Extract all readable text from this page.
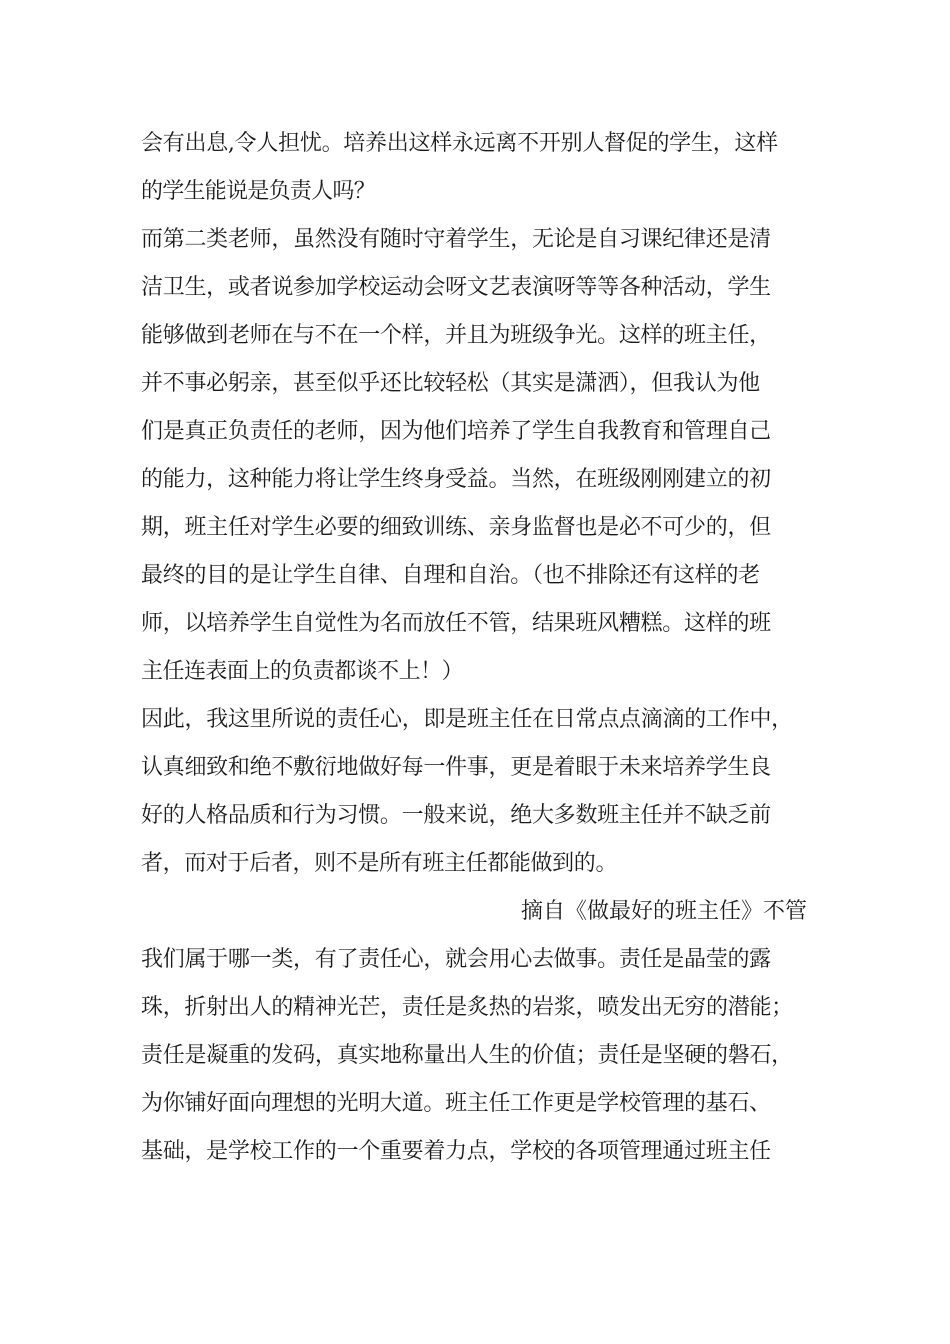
会有出息,令人担忧。培养出这样永远离不开别人督促的学生，这样
的学生能说是负责人吗？
而第二类老师，虽然没有随时守着学生，无论是自习课纪律还是清
洁卫生，或者说参加学校运动会呀文艺表演呀等等各种活动，学生
能够做到老师在与不在一个样，并且为班级争光。这样的班主任，
并不事必躬亲，甚至似乎还比较轻松（其实是潇洒），但我认为他
们是真正负责任的老师，因为他们培养了学生自我教育和管理自己
的能力，这种能力将让学生终身受益。当然，在班级刚刚建立的初
期，班主任对学生必要的细致训练、亲身监督也是必不可少的，但
最终的目的是让学生自律、自理和自治。（也不排除还有这样的老
师，以培养学生自觉性为名而放任不管，结果班风糟糕。这样的班
主任连表面上的负责都谈不上！）
因此，我这里所说的责任心，即是班主任在日常点点滴滴的工作中，
认真细致和绝不敷衍地做好每一件事，更是着眼于未来培养学生良
好的人格品质和行为习惯。一般来说，绝大多数班主任并不缺乏前
者，而对于后者，则不是所有班主任都能做到的。
摘自《做最好的班主任》不管
我们属于哪一类，有了责任心，就会用心去做事。责任是晶莹的露
珠，折射出人的精神光芒，责任是炙热的岩浆，喷发出无穷的潜能；
责任是凝重的发码，真实地称量出人生的价值；责任是坚硬的磐石，
为你铺好面向理想的光明大道。班主任工作更是学校管理的基石、
基础，是学校工作的一个重要着力点，学校的各项管理通过班主任
